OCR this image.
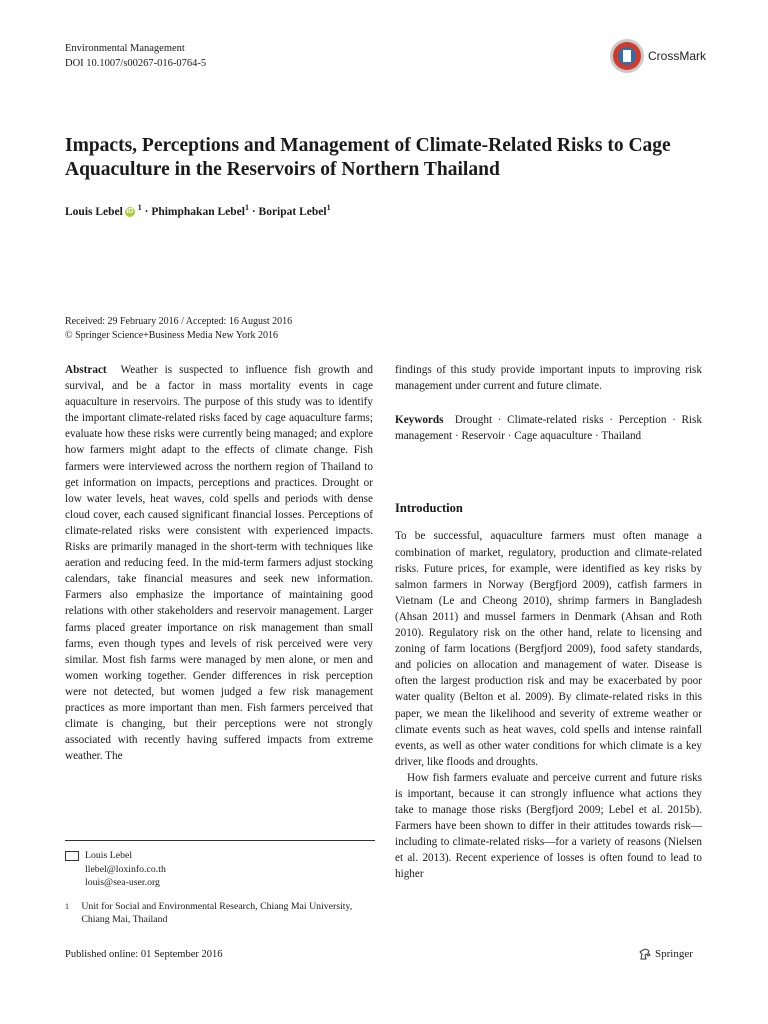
Environmental Management
DOI 10.1007/s00267-016-0764-5
CrossMark
Impacts, Perceptions and Management of Climate-Related Risks to Cage Aquaculture in the Reservoirs of Northern Thailand
Louis Lebel iD $^1$ · Phimphakan Lebel$^1$ · Boripat Lebel$^1$
Received: 29 February 2016 / Accepted: 16 August 2016
© Springer Science+Business Media New York 2016

Abstract Weather is suspected to influence fish growth and survival, and be a factor in mass mortality events in cage aquaculture in reservoirs. The purpose of this study was to identify the important climate-related risks faced by cage aquaculture farms; evaluate how these risks were currently being managed; and explore how farmers might adapt to the effects of climate change. Fish farmers were interviewed across the northern region of Thailand to get information on impacts, perceptions and practices. Drought or low water levels, heat waves, cold spells and periods with dense cloud cover, each caused significant financial losses. Perceptions of climate-related risks were consistent with experienced impacts. Risks are primarily managed in the short-term with techniques like aeration and reducing feed. In the mid-term farmers adjust stocking calendars, take financial measures and seek new information. Farmers also emphasize the importance of maintaining good relations with other stakeholders and reservoir management. Larger farms placed greater importance on risk management than small farms, even though types and levels of risk perceived were very similar. Most fish farms were managed by men alone, or men and women working together. Gender differences in risk perception were not detected, but women judged a few risk management practices as more important than men. Fish farmers perceived that climate is changing, but their perceptions were not strongly associated with recently having suffered impacts from extreme weather. The

findings of this study provide important inputs to improving risk management under current and future climate.

Keywords Drought · Climate-related risks · Perception · Risk management · Reservoir · Cage aquaculture · Thailand

Introduction

To be successful, aquaculture farmers must often manage a combination of market, regulatory, production and climate-related risks. Future prices, for example, were identified as key risks by salmon farmers in Norway (Bergfjord 2009), catfish farmers in Vietnam (Le and Cheong 2010), shrimp farmers in Bangladesh (Ahsan 2011) and mussel farmers in Denmark (Ahsan and Roth 2010). Regulatory risk on the other hand, relate to licensing and zoning of farm locations (Bergfjord 2009), food safety standards, and policies on allocation and management of water. Disease is often the largest production risk and may be exacerbated by poor water quality (Belton et al. 2009). By climate-related risks in this paper, we mean the likelihood and severity of extreme weather or climate events such as heat waves, cold spells and intense rainfall events, as well as other water conditions for which climate is a key driver, like floods and droughts.

How fish farmers evaluate and perceive current and future risks is important, because it can strongly influence what actions they take to manage those risks (Bergfjord 2009; Lebel et al. 2015b). Farmers have been shown to differ in their attitudes towards risk—including to climate-related risks—for a variety of reasons (Nielsen et al. 2013). Recent experience of losses is often found to lead to higher

Louis Lebel
llebel@loxinfo.co.th
louis@sea-user.org
1	Unit for Social and Environmental Research, Chiang Mai University, Chiang Mai, Thailand
Published online: 01 September 2016	Springer
